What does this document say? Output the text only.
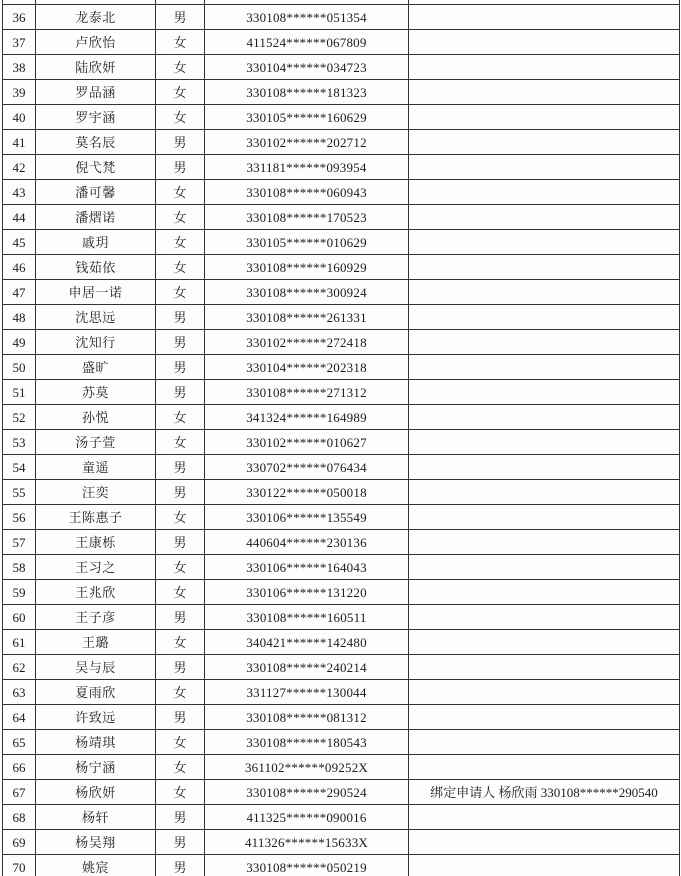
36	龙泰北	男	330108******051354	
37	卢欣怡	女	411524******067809	
38	陆欣妍	女	330104******034723	
39	罗品涵	女	330108******181323	
40	罗宇涵	女	330105******160629	
41	莫名辰	男	330102******202712	
42	倪弋梵	男	331181******093954	
43	潘可馨	女	330108******060943	
44	潘熠诺	女	330108******170523	
45	戚玥	女	330105******010629	
46	钱茹依	女	330108******160929	
47	申居一诺	女	330108******300924	
48	沈思远	男	330108******261331	
49	沈知行	男	330102******272418	
50	盛旷	男	330104******202318	
51	苏莫	男	330108******271312	
52	孙悦	女	341324******164989	
53	汤子萱	女	330102******010627	
54	童遥	男	330702******076434	
55	汪奕	男	330122******050018	
56	王陈惠子	女	330106******135549	
57	王康栎	男	440604******230136	
58	王习之	女	330106******164043	
59	王兆欣	女	330106******131220	
60	王子彦	男	330108******160511	
61	王璐	女	340421******142480	
62	吴与辰	男	330108******240214	
63	夏雨欣	女	331127******130044	
64	许致远	男	330108******081312	
65	杨靖琪	女	330108******180543	
66	杨宁涵	女	361102******09252X	
67	杨欣妍	女	330108******290524	绑定申请人 杨欣雨 330108******290540
68	杨轩	男	411325******090016	
69	杨吴翔	男	411326******15633X	
70	姚宸	男	330108******050219	
